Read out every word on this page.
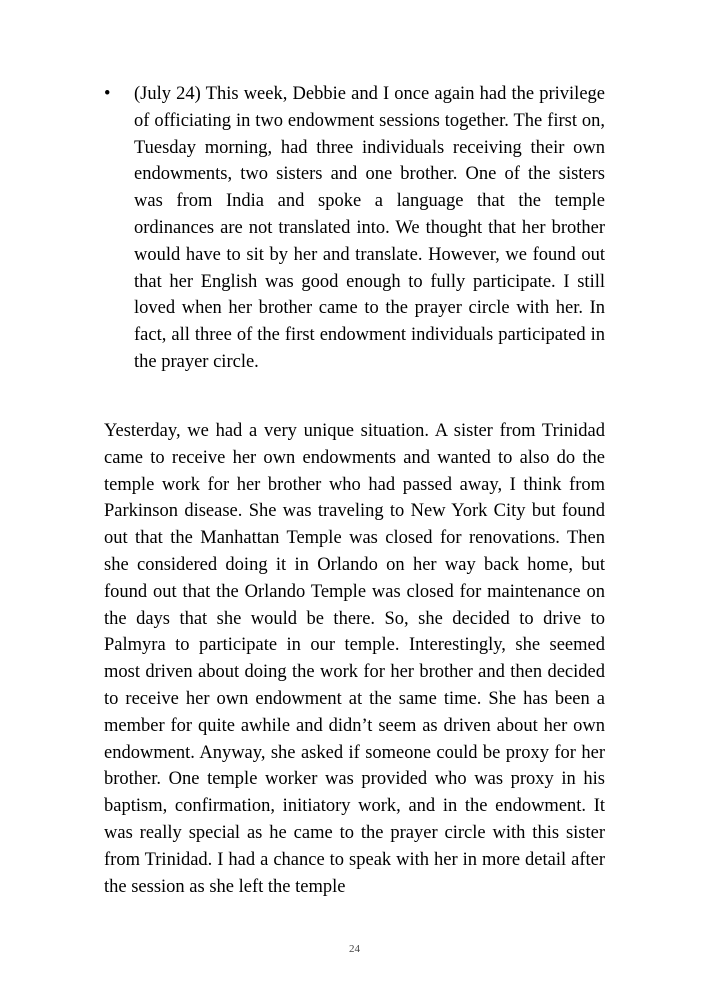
• (July 24) This week, Debbie and I once again had the privilege of officiating in two endowment sessions together. The first on, Tuesday morning, had three individuals receiving their own endowments, two sisters and one brother. One of the sisters was from India and spoke a language that the temple ordinances are not translated into. We thought that her brother would have to sit by her and translate. However, we found out that her English was good enough to fully participate. I still loved when her brother came to the prayer circle with her. In fact, all three of the first endowment individuals participated in the prayer circle.
Yesterday, we had a very unique situation. A sister from Trinidad came to receive her own endowments and wanted to also do the temple work for her brother who had passed away, I think from Parkinson disease. She was traveling to New York City but found out that the Manhattan Temple was closed for renovations. Then she considered doing it in Orlando on her way back home, but found out that the Orlando Temple was closed for maintenance on the days that she would be there. So, she decided to drive to Palmyra to participate in our temple. Interestingly, she seemed most driven about doing the work for her brother and then decided to receive her own endowment at the same time. She has been a member for quite awhile and didn’t seem as driven about her own endowment. Anyway, she asked if someone could be proxy for her brother. One temple worker was provided who was proxy in his baptism, confirmation, initiatory work, and in the endowment. It was really special as he came to the prayer circle with this sister from Trinidad. I had a chance to speak with her in more detail after the session as she left the temple
24
